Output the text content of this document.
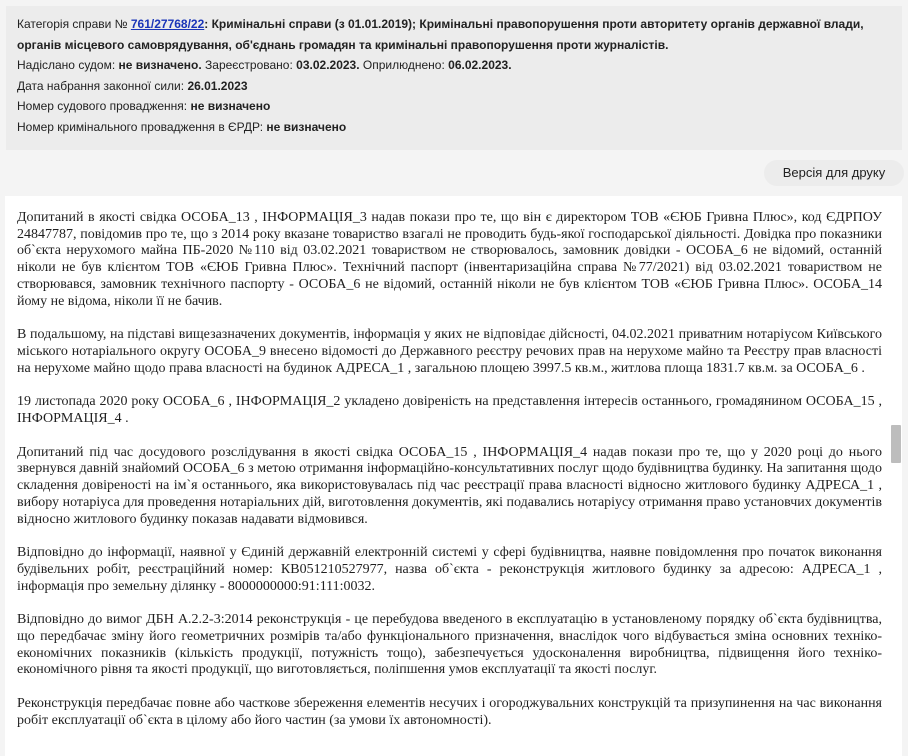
Категорія справи № 761/27768/22: Кримінальні справи (з 01.01.2019); Кримінальні правопорушення проти авторитету органів державної влади, органів місцевого самоврядування, об'єднань громадян та кримінальні правопорушення проти журналістів.
Надіслано судом: не визначено. Зареєстровано: 03.02.2023. Оприлюднено: 06.02.2023.
Дата набрання законної сили: 26.01.2023
Номер судового провадження: не визначено
Номер кримінального провадження в ЄРДР: не визначено
Версія для друку

Допитаний в якості свідка ОСОБА_13 , ІНФОРМАЦІЯ_3 надав покази про те, що він є директором ТОВ «ЄЮБ Гривна Плюс», код ЄДРПОУ 24847787, повідомив про те, що з 2014 року вказане товариство взагалі не проводить будь-якої господарської діяльності. Довідка про показники об`єкта нерухомого майна ПБ-2020 №110 від 03.02.2021 товариством не створювалось, замовник довідки - ОСОБА_6 не відомий, останній ніколи не був клієнтом ТОВ «ЄЮБ Гривна Плюс». Технічний паспорт (інвентаризаційна справа №77/2021) від 03.02.2021 товариством не створювався, замовник технічного паспорту - ОСОБА_6 не відомий, останній ніколи не був клієнтом ТОВ «ЄЮБ Гривна Плюс». ОСОБА_14 йому не відома, ніколи її не бачив.

В подальшому, на підставі вищезазначених документів, інформація у яких не відповідає дійсності, 04.02.2021 приватним нотаріусом Київського міського нотаріального округу ОСОБА_9 внесено відомості до Державного реєстру речових прав на нерухоме майно та Реєстру прав власності на нерухоме майно щодо права власності на будинок АДРЕСА_1 , загальною площею 3997.5 кв.м., житлова площа 1831.7 кв.м. за ОСОБА_6 .

19 листопада 2020 року ОСОБА_6 , ІНФОРМАЦІЯ_2 укладено довіреність на представлення інтересів останнього, громадянином ОСОБА_15 , ІНФОРМАЦІЯ_4 .

Допитаний під час досудового розслідування в якості свідка ОСОБА_15 , ІНФОРМАЦІЯ_4 надав покази про те, що у 2020 році до нього звернувся давній знайомий ОСОБА_6 з метою отримання інформаційно-консультативних послуг щодо будівництва будинку. На запитання щодо складення довіреності на ім`я останнього, яка використовувалась під час реєстрації права власності відносно житлового будинку АДРЕСА_1 , вибору нотаріуса для проведення нотаріальних дій, виготовлення документів, які подавались нотаріусу отримання право установчих документів відносно житлового будинку показав надавати відмовився.

Відповідно до інформації, наявної у Єдиній державній електронній системі у сфері будівництва, наявне повідомлення про початок виконання будівельних робіт, реєстраційний номер: КВ051210527977, назва об`єкта - реконструкція житлового будинку за адресою: АДРЕСА_1 , інформація про земельну ділянку - 8000000000:91:111:0032.

Відповідно до вимог ДБН А.2.2-3:2014 реконструкція - це перебудова введеного в експлуатацію в установленому порядку об`єкта будівництва, що передбачає зміну його геометричних розмірів та/або функціонального призначення, внаслідок чого відбувається зміна основних техніко-економічних показників (кількість продукції, потужність тощо), забезпечується удосконалення виробництва, підвищення його техніко-економічного рівня та якості продукції, що виготовляється, поліпшення умов експлуатації та якості послуг.

Реконструкція передбачає повне або часткове збереження елементів несучих і огороджувальних конструкцій та призупинення на час виконання робіт експлуатації об`єкта в цілому або його частин (за умови їх автономності).
